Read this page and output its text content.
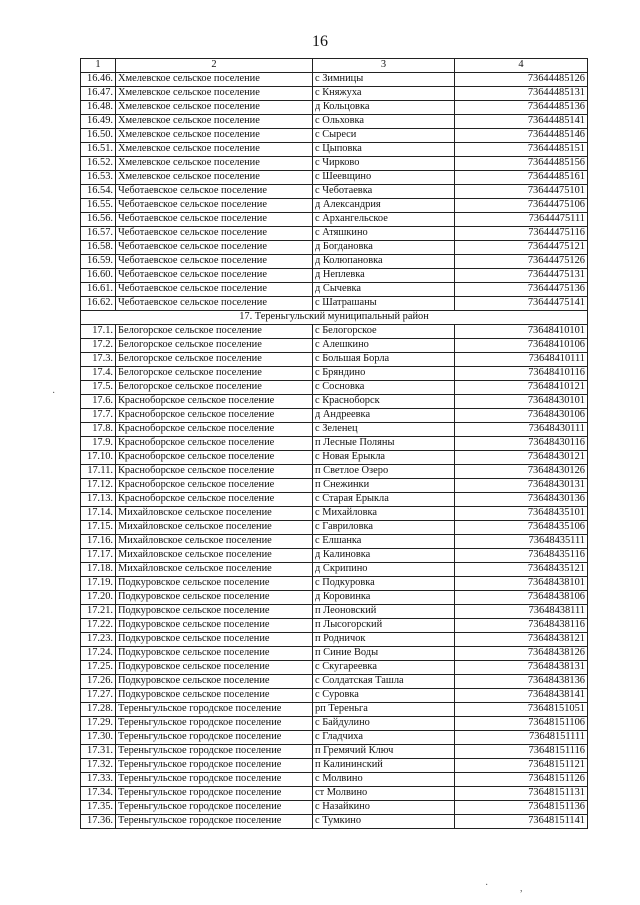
16
1	2	3	4
16.46.	Хмелевское сельское поселение	с Зимницы	73644485126
16.47.	Хмелевское сельское поселение	с Княжуха	73644485131
16.48.	Хмелевское сельское поселение	д Кольцовка	73644485136
16.49.	Хмелевское сельское поселение	с Ольховка	73644485141
16.50.	Хмелевское сельское поселение	с Сыреси	73644485146
16.51.	Хмелевское сельское поселение	с Цыповка	73644485151
16.52.	Хмелевское сельское поселение	с Чирково	73644485156
16.53.	Хмелевское сельское поселение	с Шеевщино	73644485161
16.54.	Чеботаевское сельское поселение	с Чеботаевка	73644475101
16.55.	Чеботаевское сельское поселение	д Александрия	73644475106
16.56.	Чеботаевское сельское поселение	с Архангельское	73644475111
16.57.	Чеботаевское сельское поселение	с Атяшкино	73644475116
16.58.	Чеботаевское сельское поселение	д Богдановка	73644475121
16.59.	Чеботаевское сельское поселение	д Колюпановка	73644475126
16.60.	Чеботаевское сельское поселение	д Неплевка	73644475131
16.61.	Чеботаевское сельское поселение	д Сычевка	73644475136
16.62.	Чеботаевское сельское поселение	с Шатрашаны	73644475141
17. Тереньгульский муниципальный район			
17.1.	Белогорское сельское поселение	с Белогорское	73648410101
17.2.	Белогорское сельское поселение	с Алешкино	73648410106
17.3.	Белогорское сельское поселение	с Большая Борла	73648410111
17.4.	Белогорское сельское поселение	с Бряндино	73648410116
17.5.	Белогорское сельское поселение	с Сосновка	73648410121
17.6.	Красноборское сельское поселение	с Красноборск	73648430101
17.7.	Красноборское сельское поселение	д Андреевка	73648430106
17.8.	Красноборское сельское поселение	с Зеленец	73648430111
17.9.	Красноборское сельское поселение	п Лесные Поляны	73648430116
17.10.	Красноборское сельское поселение	с Новая Ерыкла	73648430121
17.11.	Красноборское сельское поселение	п Светлое Озеро	73648430126
17.12.	Красноборское сельское поселение	п Снежинки	73648430131
17.13.	Красноборское сельское поселение	с Старая Ерыкла	73648430136
17.14.	Михайловское сельское поселение	с Михайловка	73648435101
17.15.	Михайловское сельское поселение	с Гавриловка	73648435106
17.16.	Михайловское сельское поселение	с Елшанка	73648435111
17.17.	Михайловское сельское поселение	д Калиновка	73648435116
17.18.	Михайловское сельское поселение	д Скрипино	73648435121
17.19.	Подкуровское сельское поселение	с Подкуровка	73648438101
17.20.	Подкуровское сельское поселение	д Коровинка	73648438106
17.21.	Подкуровское сельское поселение	п Леоновский	73648438111
17.22.	Подкуровское сельское поселение	п Лысогорский	73648438116
17.23.	Подкуровское сельское поселение	п Родничок	73648438121
17.24.	Подкуровское сельское поселение	п Синие Воды	73648438126
17.25.	Подкуровское сельское поселение	с Скугареевка	73648438131
17.26.	Подкуровское сельское поселение	с Солдатская Ташла	73648438136
17.27.	Подкуровское сельское поселение	с Суровка	73648438141
17.28.	Тереньгульское городское поселение	рп Тереньга	73648151051
17.29.	Тереньгульское городское поселение	с Байдулино	73648151106
17.30.	Тереньгульское городское поселение	с Гладчиха	73648151111
17.31.	Тереньгульское городское поселение	п Гремячий Ключ	73648151116
17.32.	Тереньгульское городское поселение	п Калининский	73648151121
17.33.	Тереньгульское городское поселение	с Молвино	73648151126
17.34.	Тереньгульское городское поселение	ст Молвино	73648151131
17.35.	Тереньгульское городское поселение	с Назайкино	73648151136
17.36.	Тереньгульское городское поселение	с Тумкино	73648151141
·
·	,
